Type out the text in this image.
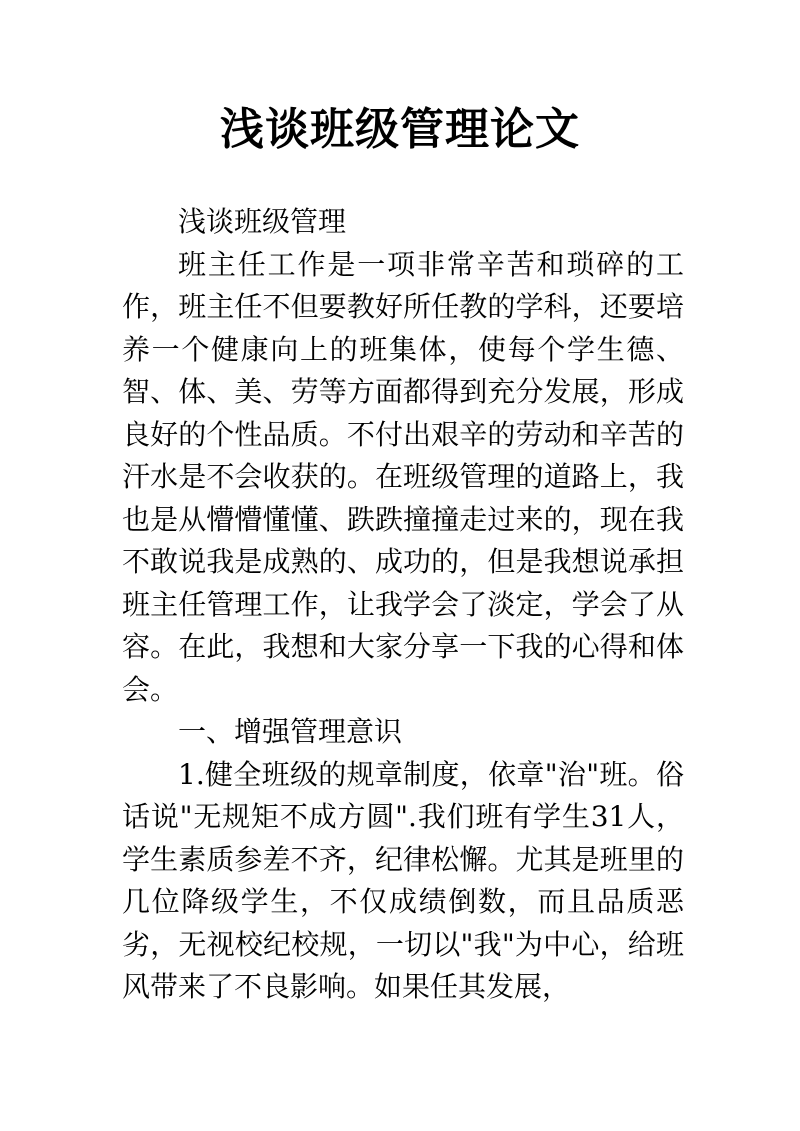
浅谈班级管理论文

浅谈班级管理

班主任工作是一项非常辛苦和琐碎的工作，班主任不但要教好所任教的学科，还要培养一个健康向上的班集体，使每个学生德、智、体、美、劳等方面都得到充分发展，形成良好的个性品质。不付出艰辛的劳动和辛苦的汗水是不会收获的。在班级管理的道路上，我也是从懵懵懂懂、跌跌撞撞走过来的，现在我不敢说我是成熟的、成功的，但是我想说承担班主任管理工作，让我学会了淡定，学会了从容。在此，我想和大家分享一下我的心得和体会。

一、增强管理意识

1.健全班级的规章制度，依章"治"班。俗话说"无规矩不成方圆".我们班有学生31人，学生素质参差不齐，纪律松懈。尤其是班里的几位降级学生，不仅成绩倒数，而且品质恶劣，无视校纪校规，一切以"我"为中心，给班风带来了不良影响。如果任其发展，
